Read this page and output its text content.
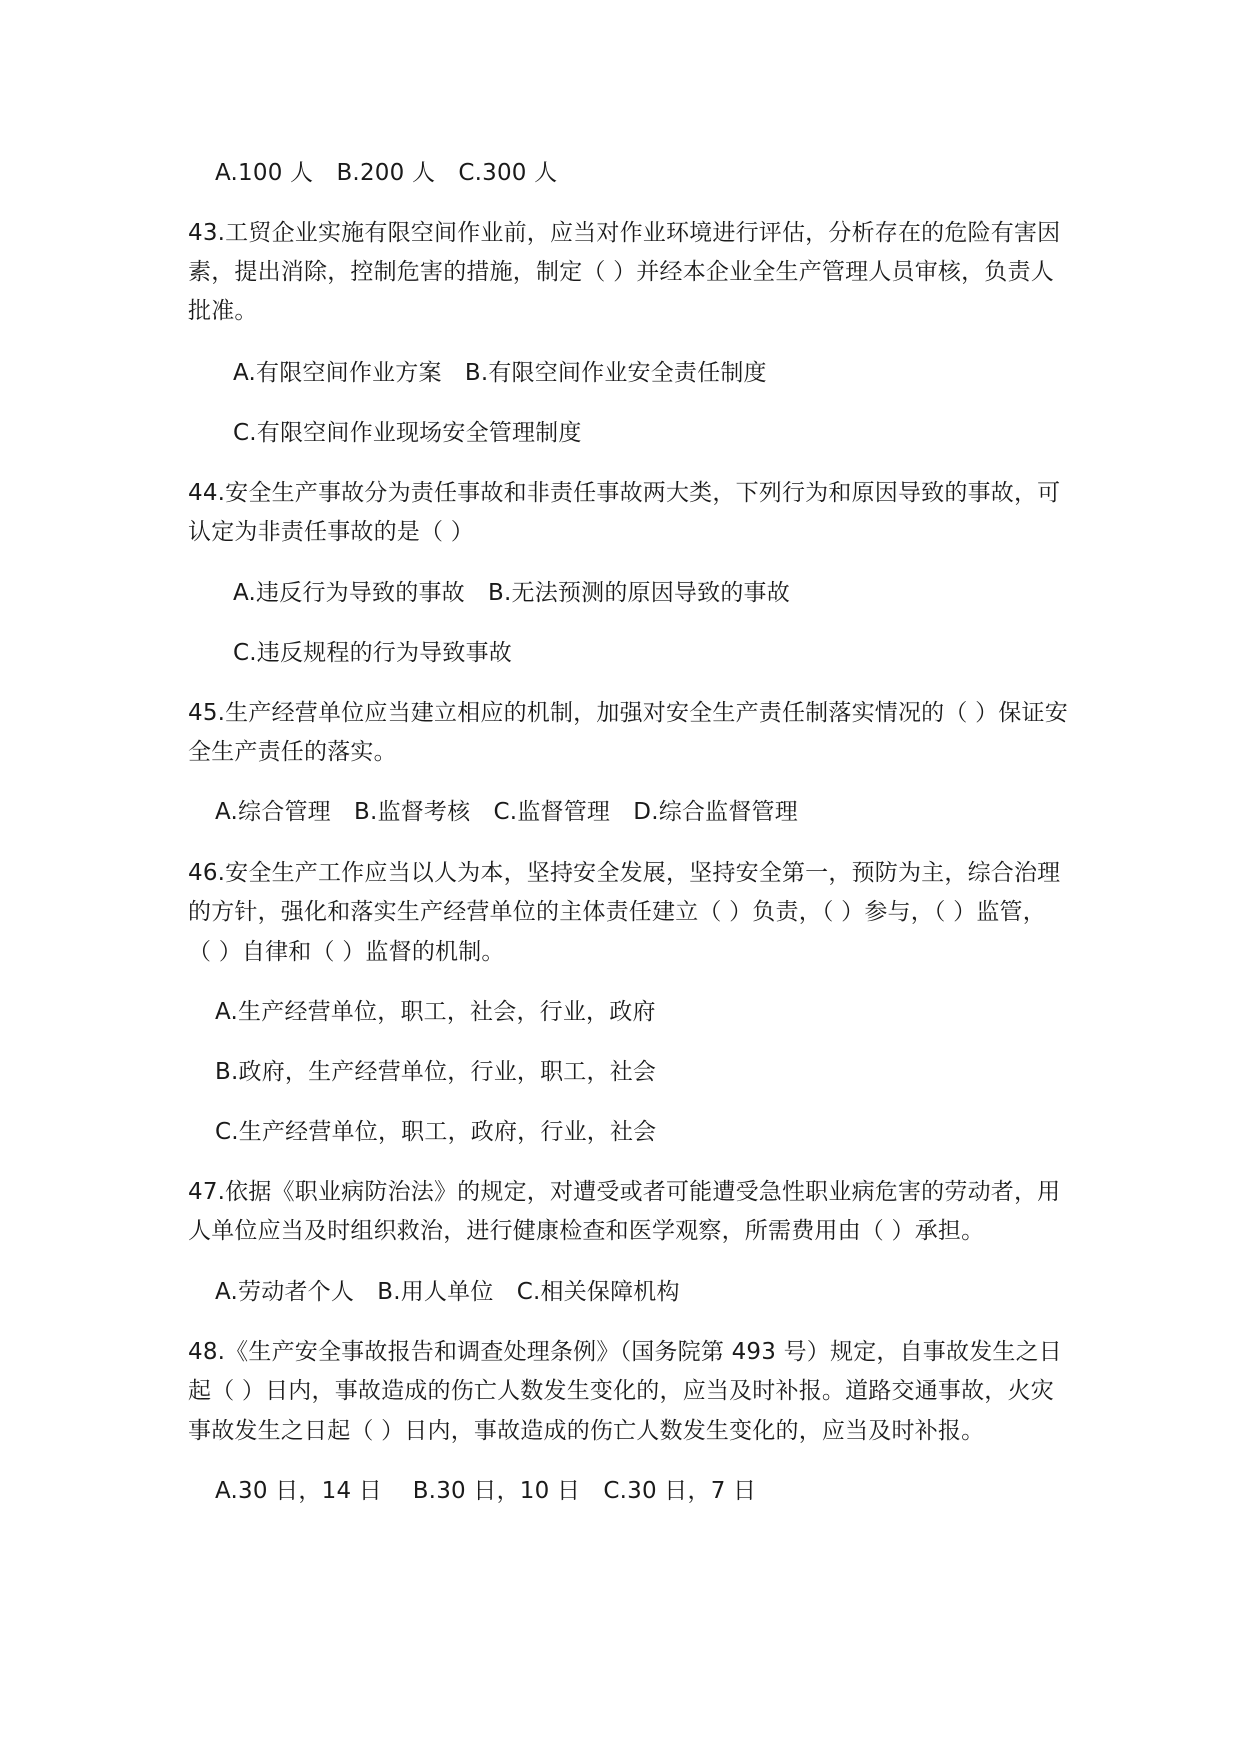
A.100 人　B.200 人　C.300 人
43.工贸企业实施有限空间作业前，应当对作业环境进行评估，分析存在的危险有害因
素，提出消除，控制危害的措施，制定（ ）并经本企业全生产管理人员审核，负责人
批准。
A.有限空间作业方案　B.有限空间作业安全责任制度
C.有限空间作业现场安全管理制度
44.安全生产事故分为责任事故和非责任事故两大类，下列行为和原因导致的事故，可
认定为非责任事故的是（ ）
A.违反行为导致的事故　B.无法预测的原因导致的事故
C.违反规程的行为导致事故
45.生产经营单位应当建立相应的机制，加强对安全生产责任制落实情况的（ ）保证安
全生产责任的落实。
A.综合管理　B.监督考核　C.监督管理　D.综合监督管理
46.安全生产工作应当以人为本，坚持安全发展，坚持安全第一，预防为主，综合治理
的方针，强化和落实生产经营单位的主体责任建立（ ）负责，（ ）参与，（ ）监管，
（ ）自律和（ ）监督的机制。
A.生产经营单位，职工，社会，行业，政府
B.政府，生产经营单位，行业，职工，社会
C.生产经营单位，职工，政府，行业，社会
47.依据《职业病防治法》的规定，对遭受或者可能遭受急性职业病危害的劳动者，用
人单位应当及时组织救治，进行健康检查和医学观察，所需费用由（ ）承担。
A.劳动者个人　B.用人单位　C.相关保障机构
48.《生产安全事故报告和调查处理条例》（国务院第 493 号）规定，自事故发生之日
起（ ）日内，事故造成的伤亡人数发生变化的，应当及时补报。道路交通事故，火灾
事故发生之日起（ ）日内，事故造成的伤亡人数发生变化的，应当及时补报。
A.30 日，14 日　 B.30 日，10 日　C.30 日，7 日
